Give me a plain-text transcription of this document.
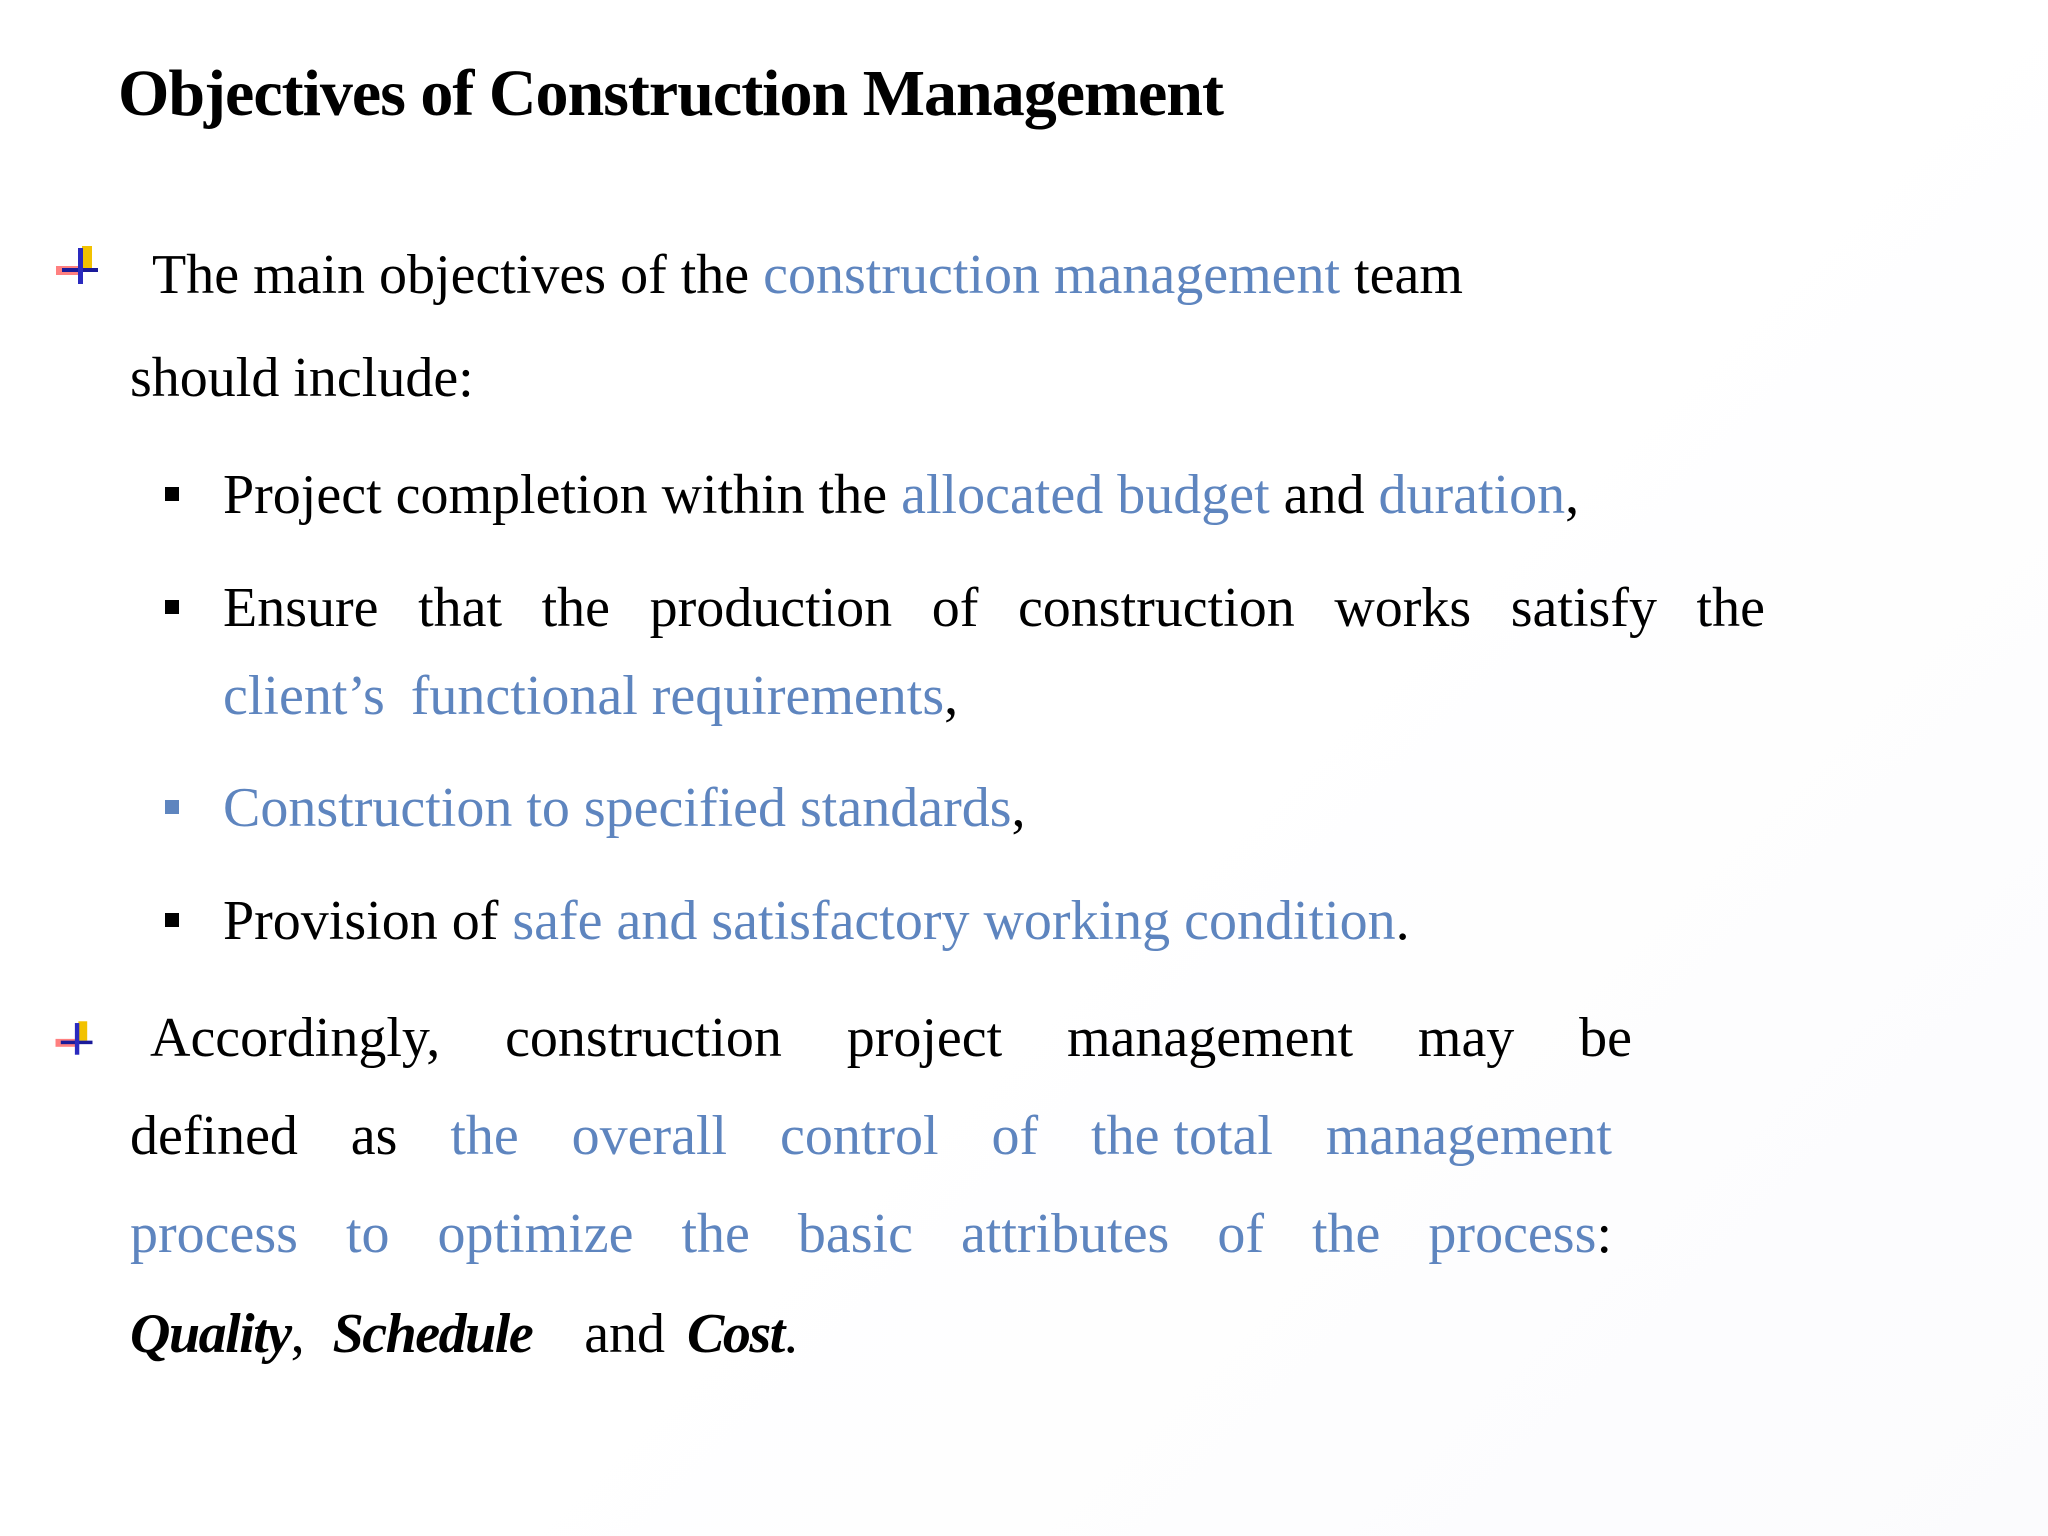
Objectives of Construction Management
The main objectives of the construction management team
should include:
Project completion within the allocated budget and duration,
Ensure that the production of construction works satisfy the
client’s functional requirements,
Construction to specified standards,
Provision of safe and satisfactory working condition.
Accordingly, construction project management may be
defined as the overall control of the total management
process to optimize the basic attributes of the process :
Quality, Schedule and Cost.
